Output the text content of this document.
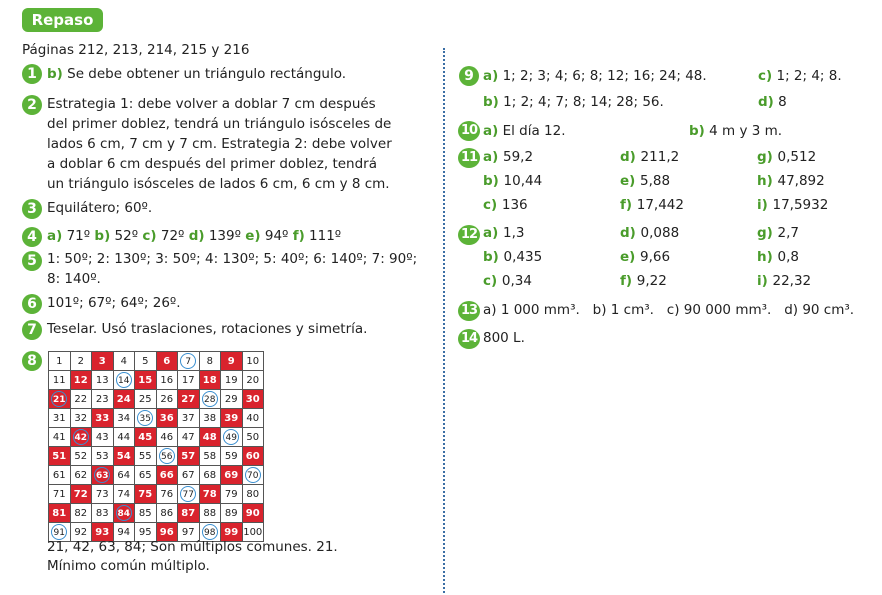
Repaso
Páginas 212, 213, 214, 215 y 216
1 b) Se debe obtener un triángulo rectángulo.
2 Estrategia 1: debe volver a doblar 7 cm después del primer doblez, tendrá un triángulo isósceles de lados 6 cm, 7 cm y 7 cm. Estrategia 2: debe volver a doblar 6 cm después del primer doblez, tendrá un triángulo isósceles de lados 6 cm, 6 cm y 8 cm.
3 Equilátero; 60º.
4 a) 71º b) 52º c) 72º d) 139º e) 94º f) 111º
5 1: 50º; 2: 130º; 3: 50º; 4: 130º; 5: 40º; 6: 140º; 7: 90º; 8: 140º.
6 101º; 67º; 64º; 26º.
7 Teselar. Usó traslaciones, rotaciones y simetría.
8	1	2	3	4	5	6	7	8	9	10
11	12	13	14	15	16	17	18	19	20
21	22	23	24	25	26	27	28	29	30
31	32	33	34	35	36	37	38	39	40
41	42	43	44	45	46	47	48	49	50
51	52	53	54	55	56	57	58	59	60
61	62	63	64	65	66	67	68	69	70
71	72	73	74	75	76	77	78	79	80
81	82	83	84	85	86	87	88	89	90
91	92	93	94	95	96	97	98	99	100
21, 42, 63, 84; Son múltiplos comunes. 21.
Mínimo común múltiplo.
9 a) 1; 2; 3; 4; 6; 8; 12; 16; 24; 48.	c) 1; 2; 4; 8.
b) 1; 2; 4; 7; 8; 14; 28; 56.	d) 8
10 a) El día 12.	b) 4 m y 3 m.
11 a) 59,2	d) 211,2	g) 0,512
b) 10,44	e) 5,88	h) 47,892
c) 136	f) 17,442	i) 17,5932
12 a) 1,3	d) 0,088	g) 2,7
b) 0,435	e) 9,66	h) 0,8
c) 0,34	f) 9,22	i) 22,32
13 a) 1 000 mm³.   b) 1 cm³.   c) 90 000 mm³.   d) 90 cm³.
14 800 L.
